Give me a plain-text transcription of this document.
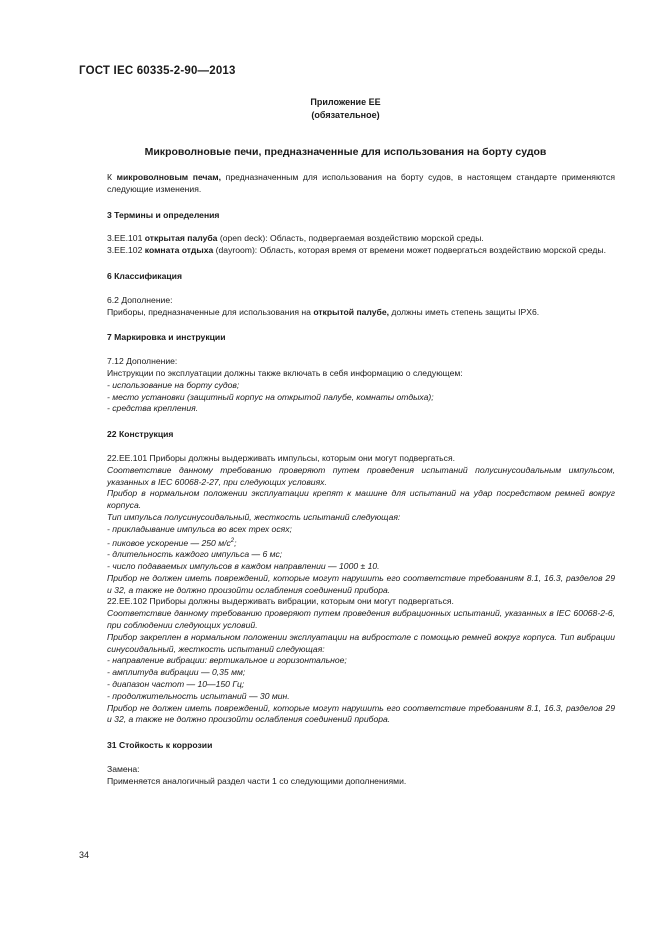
ГОСТ IEC 60335-2-90—2013
Приложение ЕЕ
(обязательное)
Микроволновые печи, предназначенные для использования на борту судов

К микроволновым печам, предназначенным для использования на борту судов, в настоящем стандарте применяются следующие изменения.

3 Термины и определения

3.ЕЕ.101 открытая палуба (open deck): Область, подвергаемая воздействию морской среды.

3.ЕЕ.102 комната отдыха (dayroom): Область, которая время от времени может подвергаться воздействию морской среды.

6 Классификация

6.2 Дополнение:

Приборы, предназначенные для использования на открытой палубе, должны иметь степень защиты IPX6.

7 Маркировка и инструкции

7.12 Дополнение:

Инструкции по эксплуатации должны также включать в себя информацию о следующем:

- использование на борту судов;

- место установки (защитный корпус на открытой палубе, комнаты отдыха);

- средства крепления.

22 Конструкция

22.ЕЕ.101 Приборы должны выдерживать импульсы, которым они могут подвергаться.

Соответствие данному требованию проверяют путем проведения испытаний полусинусоидальным импульсом, указанных в IEC 60068-2-27, при следующих условиях.

Прибор в нормальном положении эксплуатации крепят к машине для испытаний на удар посредством ремней вокруг корпуса.

Тип импульса полусинусоидальный, жесткость испытаний следующая:

- прикладывание импульса во всех трех осях;

- пиковое ускорение — 250 $м/с^2$;

- длительность каждого импульса — 6 мс;

- число подаваемых импульсов в каждом направлении — 1000 ± 10.

Прибор не должен иметь повреждений, которые могут нарушить его соответствие требованиям 8.1, 16.3, разделов 29 и 32, а также не должно произойти ослабления соединений прибора.

22.ЕЕ.102 Приборы должны выдерживать вибрации, которым они могут подвергаться.

Соответствие данному требованию проверяют путем проведения вибрационных испытаний, указанных в IEC 60068-2-6, при соблюдении следующих условий.

Прибор закреплен в нормальном положении эксплуатации на вибростоле с помощью ремней вокруг корпуса. Тип вибрации синусоидальный, жесткость испытаний следующая:

- направление вибрации: вертикальное и горизонтальное;

- амплитуда вибрации — 0,35 мм;

- диапазон частот — 10—150 Гц;

- продолжительность испытаний — 30 мин.

Прибор не должен иметь повреждений, которые могут нарушить его соответствие требованиям 8.1, 16.3, разделов 29 и 32, а также не должно произойти ослабления соединений прибора.

31 Стойкость к коррозии

Замена:

Применяется аналогичный раздел части 1 со следующими дополнениями.

34
